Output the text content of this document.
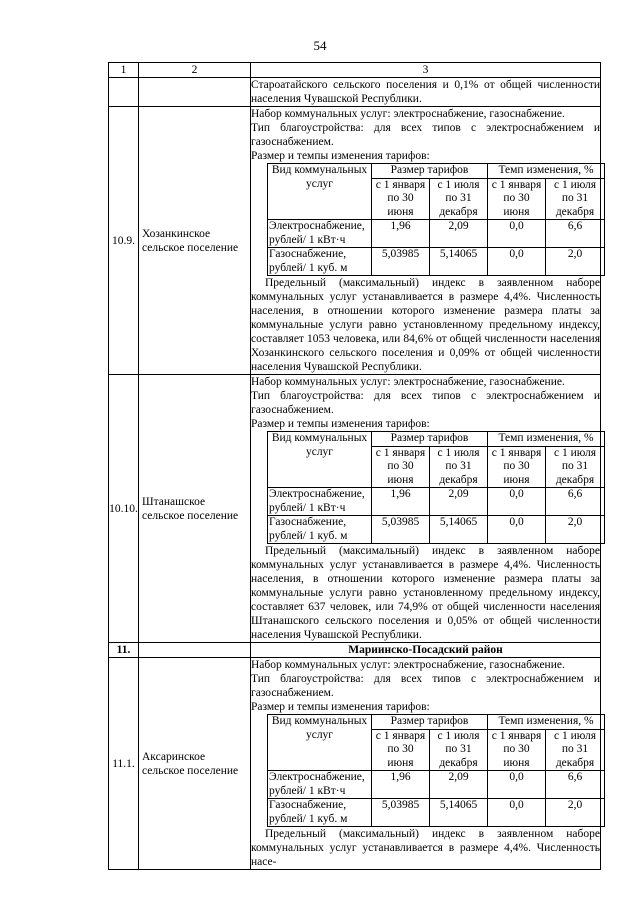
54
1	2	3

Староатайского сельского поселения и 0,1% от общей численности населения Чувашской Республики.

10.9.	Хозанкинское сельское поселение	

Набор коммунальных услуг: электроснабжение, газоснабжение.

Тип благоустройства: для всех типов с электроснабжением и газоснабжением.

Размер и темпы изменения тарифов:

Вид коммунальных услуг	Размер тарифов	Темп изменения, %
с 1 января по 30 июня	с 1 июля по 31 декабря	с 1 января по 30 июня	с 1 июля по 31 декабря
Электроснабжение, рублей/ 1 кВт·ч	1,96	2,09	0,0	6,6
Газоснабжение, рублей/ 1 куб. м	5,03985	5,14065	0,0	2,0

Предельный (максимальный) индекс в заявленном наборе коммунальных услуг устанавливается в размере 4,4%. Численность населения, в отношении которого изменение размера платы за коммунальные услуги равно установленному предельному индексу, составляет 1053 человека, или 84,6% от общей численности населения Хозанкинского сельского поселения и 0,09% от общей численности населения Чувашской Республики.

10.10.	Штанашское сельское поселение	

Набор коммунальных услуг: электроснабжение, газоснабжение.

Тип благоустройства: для всех типов с электроснабжением и газоснабжением.

Размер и темпы изменения тарифов:

Вид коммунальных услуг	Размер тарифов	Темп изменения, %
с 1 января по 30 июня	с 1 июля по 31 декабря	с 1 января по 30 июня	с 1 июля по 31 декабря
Электроснабжение, рублей/ 1 кВт·ч	1,96	2,09	0,0	6,6
Газоснабжение, рублей/ 1 куб. м	5,03985	5,14065	0,0	2,0

Предельный (максимальный) индекс в заявленном наборе коммунальных услуг устанавливается в размере 4,4%. Численность населения, в отношении которого изменение размера платы за коммунальные услуги равно установленному предельному индексу, составляет 637 человек, или 74,9% от общей численности населения Штанашского сельского поселения и 0,05% от общей численности населения Чувашской Республики.

11.		Мариинско-Посадский район
11.1.	Аксаринское сельское поселение	

Набор коммунальных услуг: электроснабжение, газоснабжение.

Тип благоустройства: для всех типов с электроснабжением и газоснабжением.

Размер и темпы изменения тарифов:

Вид коммунальных услуг	Размер тарифов	Темп изменения, %
с 1 января по 30 июня	с 1 июля по 31 декабря	с 1 января по 30 июня	с 1 июля по 31 декабря
Электроснабжение, рублей/ 1 кВт·ч	1,96	2,09	0,0	6,6
Газоснабжение, рублей/ 1 куб. м	5,03985	5,14065	0,0	2,0

Предельный (максимальный) индекс в заявленном наборе коммунальных услуг устанавливается в размере 4,4%. Численность насе-
